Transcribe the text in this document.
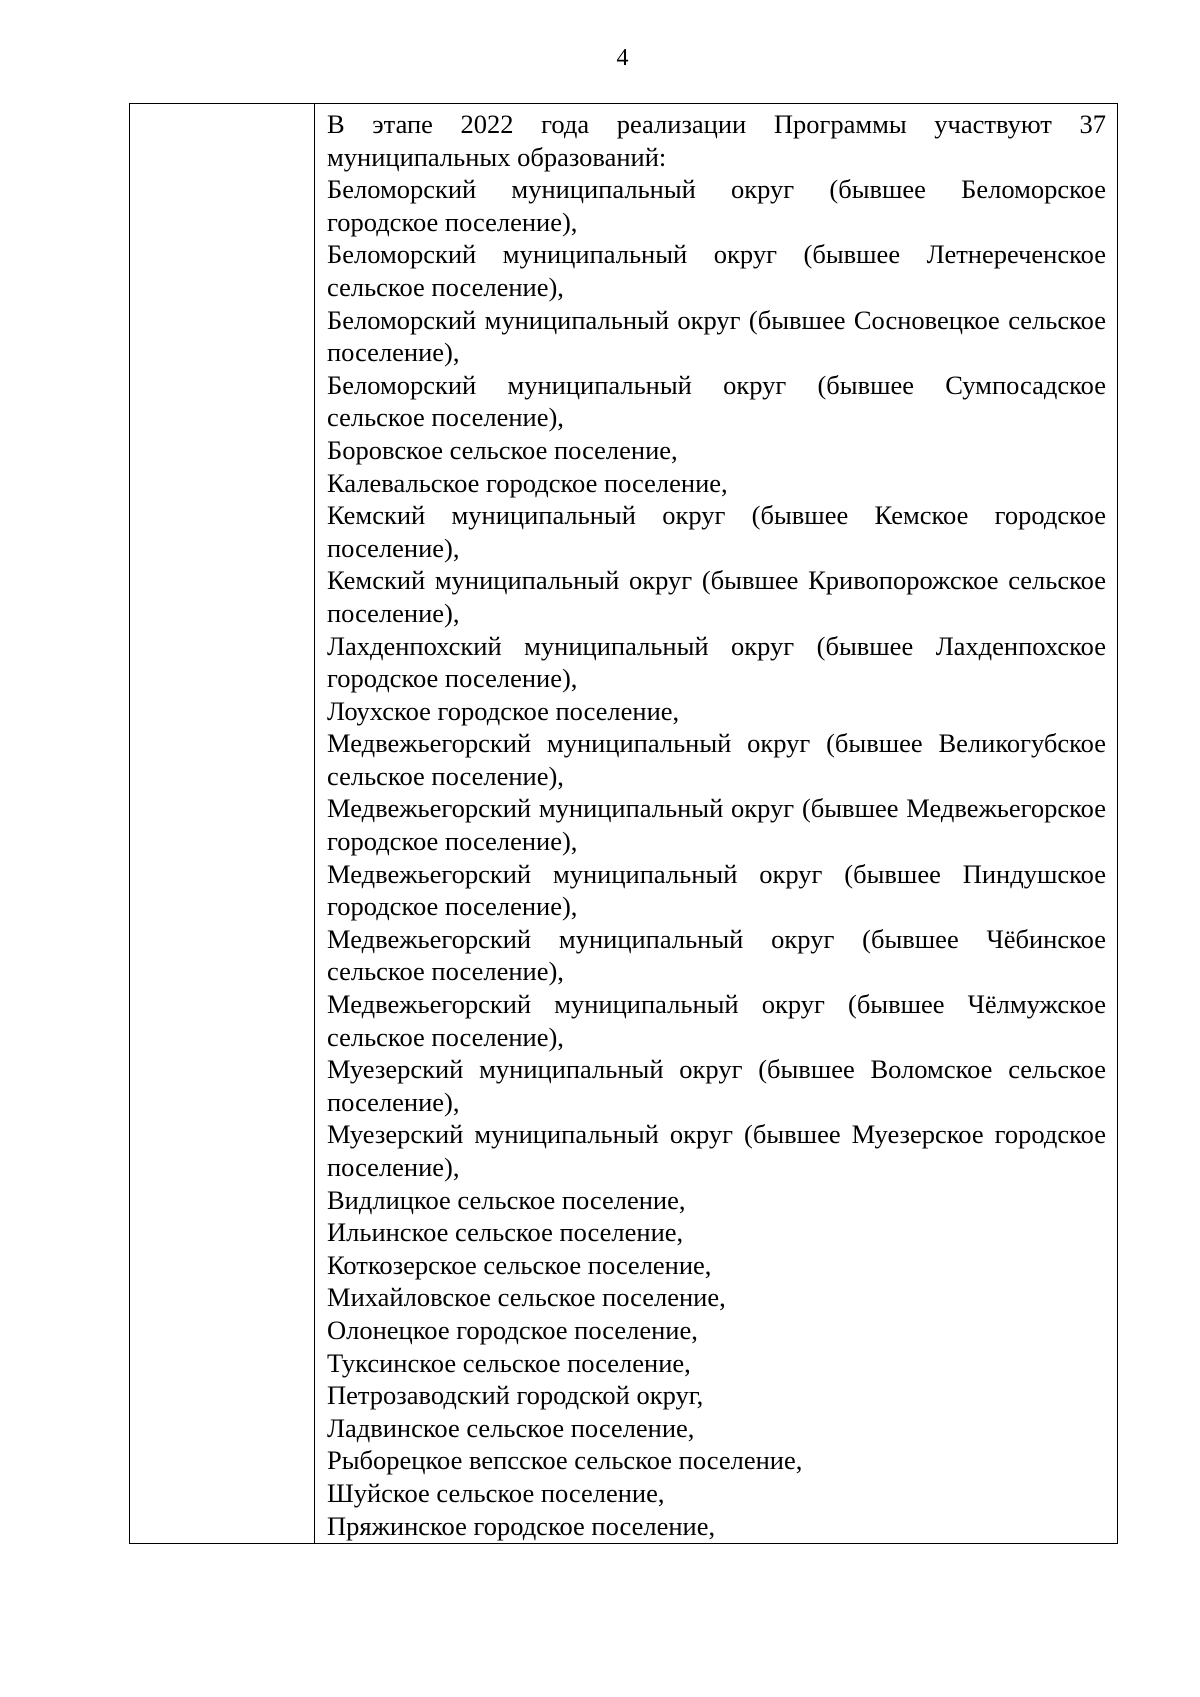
4

В этапе 2022 года реализации Программы участвуют 37 муниципальных образований:

Беломорский муниципальный округ (бывшее Беломорское городское поселение),

Беломорский муниципальный округ (бывшее Летнереченское сельское поселение),

Беломорский муниципальный округ (бывшее Сосновецкое сельское поселение),

Беломорский муниципальный округ (бывшее Сумпосадское сельское поселение),

Боровское сельское поселение,

Калевальское городское поселение,

Кемский муниципальный округ (бывшее Кемское городское поселение),

Кемский муниципальный округ (бывшее Кривопорожское сельское поселение),

Лахденпохский муниципальный округ (бывшее Лахденпохское городское поселение),

Лоухское городское поселение,

Медвежьегорский муниципальный округ (бывшее Великогубское сельское поселение),

Медвежьегорский муниципальный округ (бывшее Медвежьегорское городское поселение),

Медвежьегорский муниципальный округ (бывшее Пиндушское городское поселение),

Медвежьегорский муниципальный округ (бывшее Чёбинское сельское поселение),

Медвежьегорский муниципальный округ (бывшее Чёлмужское сельское поселение),

Муезерский муниципальный округ (бывшее Воломское сельское поселение),

Муезерский муниципальный округ (бывшее Муезерское городское поселение),

Видлицкое сельское поселение,

Ильинское сельское поселение,

Коткозерское сельское поселение,

Михайловское сельское поселение,

Олонецкое городское поселение,

Туксинское сельское поселение,

Петрозаводский городской округ,

Ладвинское сельское поселение,

Рыборецкое вепсское сельское поселение,

Шуйское сельское поселение,

Пряжинское городское поселение,
